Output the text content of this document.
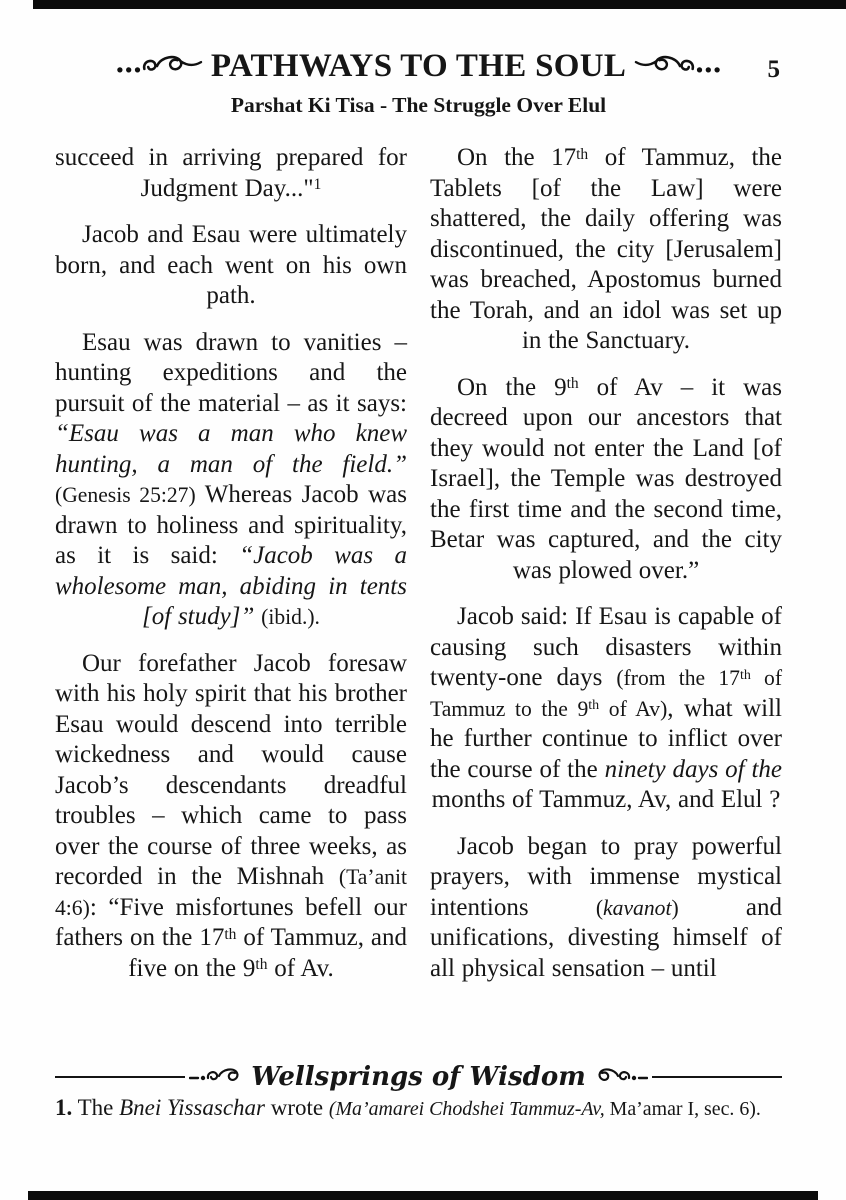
PATHWAYS TO THE SOUL
Parshat Ki Tisa - The Struggle Over Elul
5

succeed in arriving prepared for Judgment Day..."$^1$

Jacob and Esau were ultimately born, and each went on his own path.

Esau was drawn to vanities – hunting expeditions and the pursuit of the material – as it says: “Esau was a man who knew hunting, a man of the field.” (Genesis 25:27) Whereas Jacob was drawn to holiness and spirituality, as it is said: “Jacob was a wholesome man, abiding in tents [of study]” (ibid.).

Our forefather Jacob foresaw with his holy spirit that his brother Esau would descend into terrible wickedness and would cause Jacob’s descendants dreadful troubles – which came to pass over the course of three weeks, as recorded in the Mishnah (Ta’anit 4:6): “Five misfortunes befell our fathers on the 17th of Tammuz, and five on the 9th of Av.

On the 17th of Tammuz, the Tablets [of the Law] were shattered, the daily offering was discontinued, the city [Jerusalem] was breached, Apostomus burned the Torah, and an idol was set up in the Sanctuary.

On the 9th of Av – it was decreed upon our ancestors that they would not enter the Land [of Israel], the Temple was destroyed the first time and the second time, Betar was captured, and the city was plowed over.”

Jacob said: If Esau is capable of causing such disasters within twenty-one days (from the 17th of Tammuz to the 9th of Av), what will he further continue to inflict over the course of the ninety days of the months of Tammuz, Av, and Elul ?

Jacob began to pray powerful prayers, with immense mystical intentions (kavanot) and unifications, divesting himself of all physical sensation – until

Wellsprings of Wisdom
1. The Bnei Yissaschar wrote (Ma’amarei Chodshei Tammuz-Av, Ma’amar I, sec. 6).
